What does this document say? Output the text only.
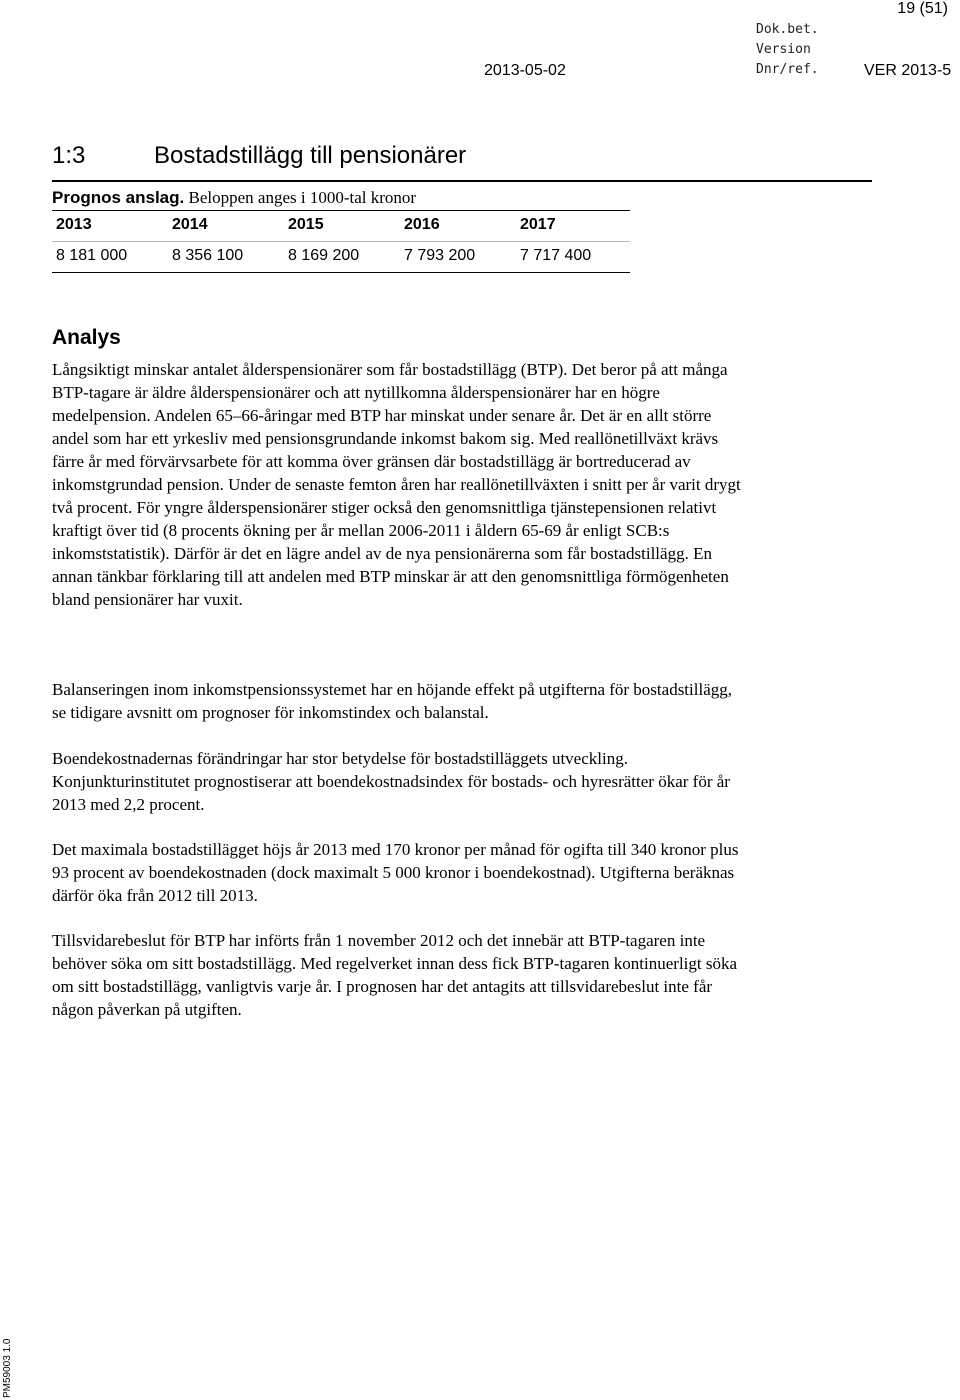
19 (51)
Dok.bet.
Version
2013-05-02	Dnr/ref.	VER 2013-5
1:3	Bostadstillägg till pensionärer
Prognos anslag. Beloppen anges i 1000-tal kronor
2013	2014	2015	2016	2017
8 181 000	8 356 100	8 169 200	7 793 200	7 717 400
Analys

Långsiktigt minskar antalet ålderspensionärer som får bostadstillägg (BTP). Det beror på att många BTP-tagare är äldre ålderspensionärer och att nytillkomna ålderspensionärer har en högre medelpension. Andelen 65–66-åringar med BTP har minskat under senare år. Det är en allt större andel som har ett yrkesliv med pensionsgrundande inkomst bakom sig. Med reallönetillväxt krävs färre år med förvärvsarbete för att komma över gränsen där bostadstillägg är bortreducerad av inkomstgrundad pension. Under de senaste femton åren har reallönetillväxten i snitt per år varit drygt två procent. För yngre ålderspensionärer stiger också den genomsnittliga tjänstepensionen relativt kraftigt över tid (8 procents ökning per år mellan 2006-2011 i åldern 65-69 år enligt SCB:s inkomststatistik). Därför är det en lägre andel av de nya pensionärerna som får bostadstillägg. En annan tänkbar förklaring till att andelen med BTP minskar är att den genomsnittliga förmögenheten bland pensionärer har vuxit.

Balanseringen inom inkomstpensionssystemet har en höjande effekt på utgifterna för bostadstillägg, se tidigare avsnitt om prognoser för inkomstindex och balanstal.

Boendekostnadernas förändringar har stor betydelse för bostadstilläggets utveckling. Konjunkturinstitutet prognostiserar att boendekostnadsindex för bostads- och hyresrätter ökar för år 2013 med 2,2 procent.

Det maximala bostadstillägget höjs år 2013 med 170 kronor per månad för ogifta till 340 kronor plus 93 procent av boendekostnaden (dock maximalt 5 000 kronor i boendekostnad). Utgifterna beräknas därför öka från 2012 till 2013.

Tillsvidarebeslut för BTP har införts från 1 november 2012 och det innebär att BTP-tagaren inte behöver söka om sitt bostadstillägg. Med regelverket innan dess fick BTP-tagaren kontinuerligt söka om sitt bostadstillägg, vanligtvis varje år. I prognosen har det antagits att tillsvidarebeslut inte får någon påverkan på utgiften.

PM59003 1.0
